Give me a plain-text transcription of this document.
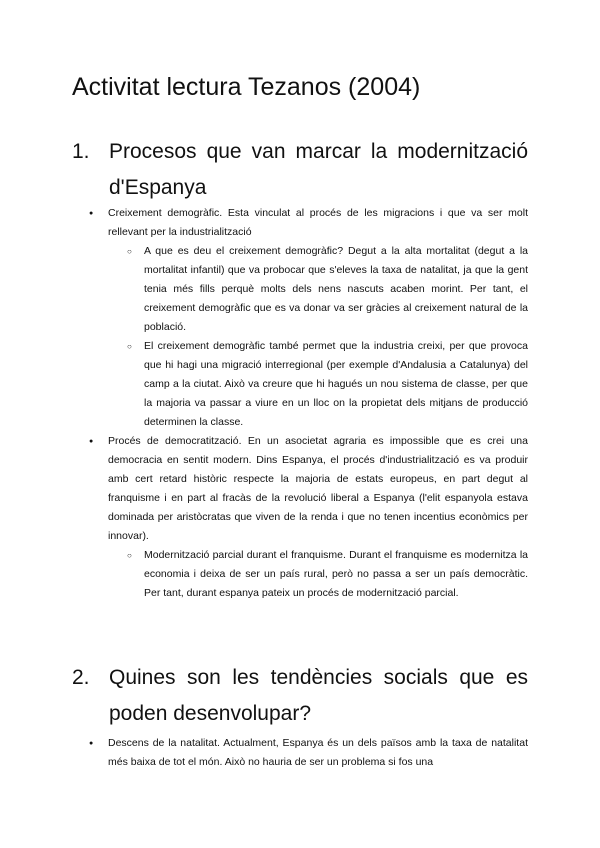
Activitat lectura Tezanos (2004)
1. Procesos que van marcar la modernització d'Espanya
● Creixement demogràfic. Esta vinculat al procés de les migracions i que va ser molt rellevant per la industrialització
○ A que es deu el creixement demogràfic? Degut a la alta mortalitat (degut a la mortalitat infantil) que va probocar que s'eleves la taxa de natalitat, ja que la gent tenia més fills perquè molts dels nens nascuts acaben morint. Per tant, el creixement demogràfic que es va donar va ser gràcies al creixement natural de la població.
○ El creixement demogràfic també permet que la industria creixi, per que provoca que hi hagi una migració interregional (per exemple d'Andalusia a Catalunya) del camp a la ciutat. Això va creure que hi hagués un nou sistema de classe, per que la majoria va passar a viure en un lloc on la propietat dels mitjans de producció determinen la classe.
● Procés de democratització. En un asocietat agraria es impossible que es crei una democracia en sentit modern. Dins Espanya, el procés d'industrialització es va produir amb cert retard històric respecte la majoria de estats europeus, en part degut al franquisme i en part al fracàs de la revolució liberal a Espanya (l'elit espanyola estava dominada per aristòcratas que viven de la renda i que no tenen incentius econòmics per innovar).
○ Modernització parcial durant el franquisme. Durant el franquisme es modernitza la economia i deixa de ser un país rural, però no passa a ser un país democràtic. Per tant, durant espanya pateix un procés de modernització parcial.
2. Quines son les tendències socials que es poden desenvolupar?
● Descens de la natalitat. Actualment, Espanya és un dels països amb la taxa de natalitat més baixa de tot el món. Això no hauria de ser un problema si fos una
